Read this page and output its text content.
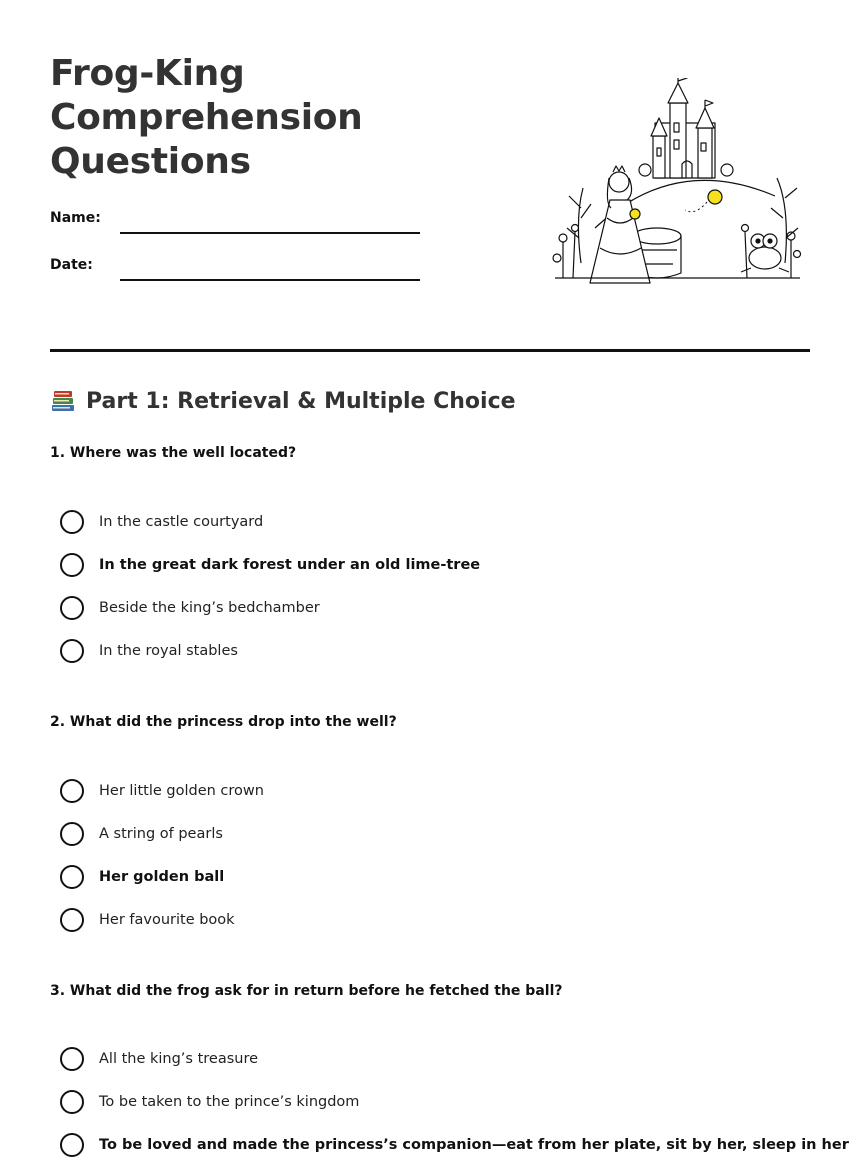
Frog-King Comprehension Questions
Name:
Date:
Part 1: Retrieval & Multiple Choice

1. Where was the well located?

In the castle courtyard
In the great dark forest under an old lime-tree
Beside the king’s bedchamber
In the royal stables

2. What did the princess drop into the well?

Her little golden crown
A string of pearls
Her golden ball
Her favourite book

3. What did the frog ask for in return before he fetched the ball?

All the king’s treasure
To be taken to the prince’s kingdom
To be loved and made the princess’s companion—eat from her plate, sit by her, sleep in her
